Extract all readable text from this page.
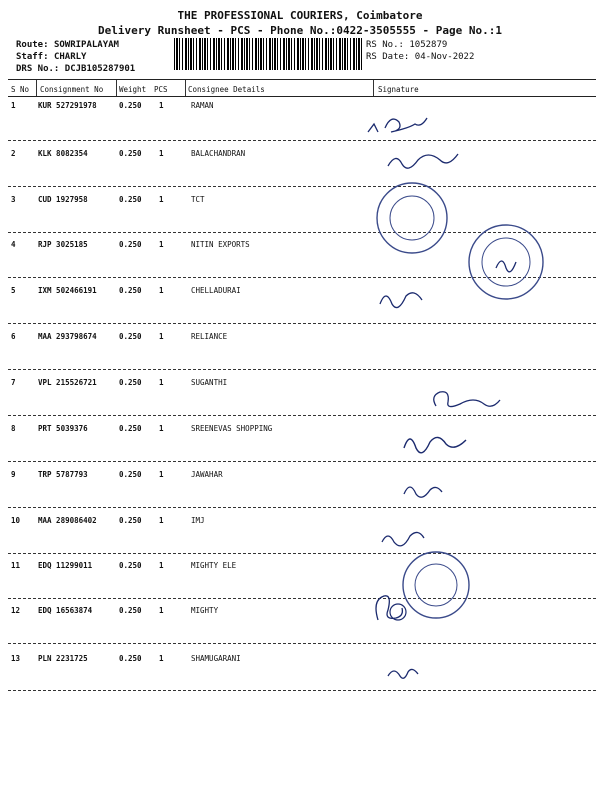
THE PROFESSIONAL COURIERS, Coimbatore
Delivery Runsheet - PCS - Phone No.:0422-3505555 - Page No.:1
Route: SOWRIPALAYAM
Staff: CHARLY
DRS No.: DCJB105287901
RS No.: 1052879
RS Date: 04-Nov-2022
S No Consignment No Weight PCS	Consignee Details	Signature
1	KUR 527291978	0.250 1	RAMAN
2	KLK 8082354	0.250 1	BALACHANDRAN
3	CUD 1927958	0.250 1	TCT
4	RJP 3025185	0.250 1	NITIN EXPORTS
5	IXM 502466191	0.250 1	CHELLADURAI
6	MAA 293798674	0.250 1	RELIANCE
7	VPL 215526721	0.250 1	SUGANTHI
8	PRT 5039376	0.250 1	SREENEVAS SHOPPING
9	TRP 5787793	0.250 1	JAWAHAR
10 MAA 289086402	0.250 1	IMJ
11 EDQ 11299011	0.250 1	MIGHTY ELE
12 EDQ 16563874	0.250 1	MIGHTY
13 PLN 2231725	0.250 1	SHAMUGARANI
7010325869
9443051755
TCT LINENS PRIVATE LIMITED	NITIN EXPORTS
9842017488
M. THANGAVELU
9384551386
9944831936
9832005
0422-2580027
9842021413
MIGHTY ELECTRICAL CORPORATION
9789350549
